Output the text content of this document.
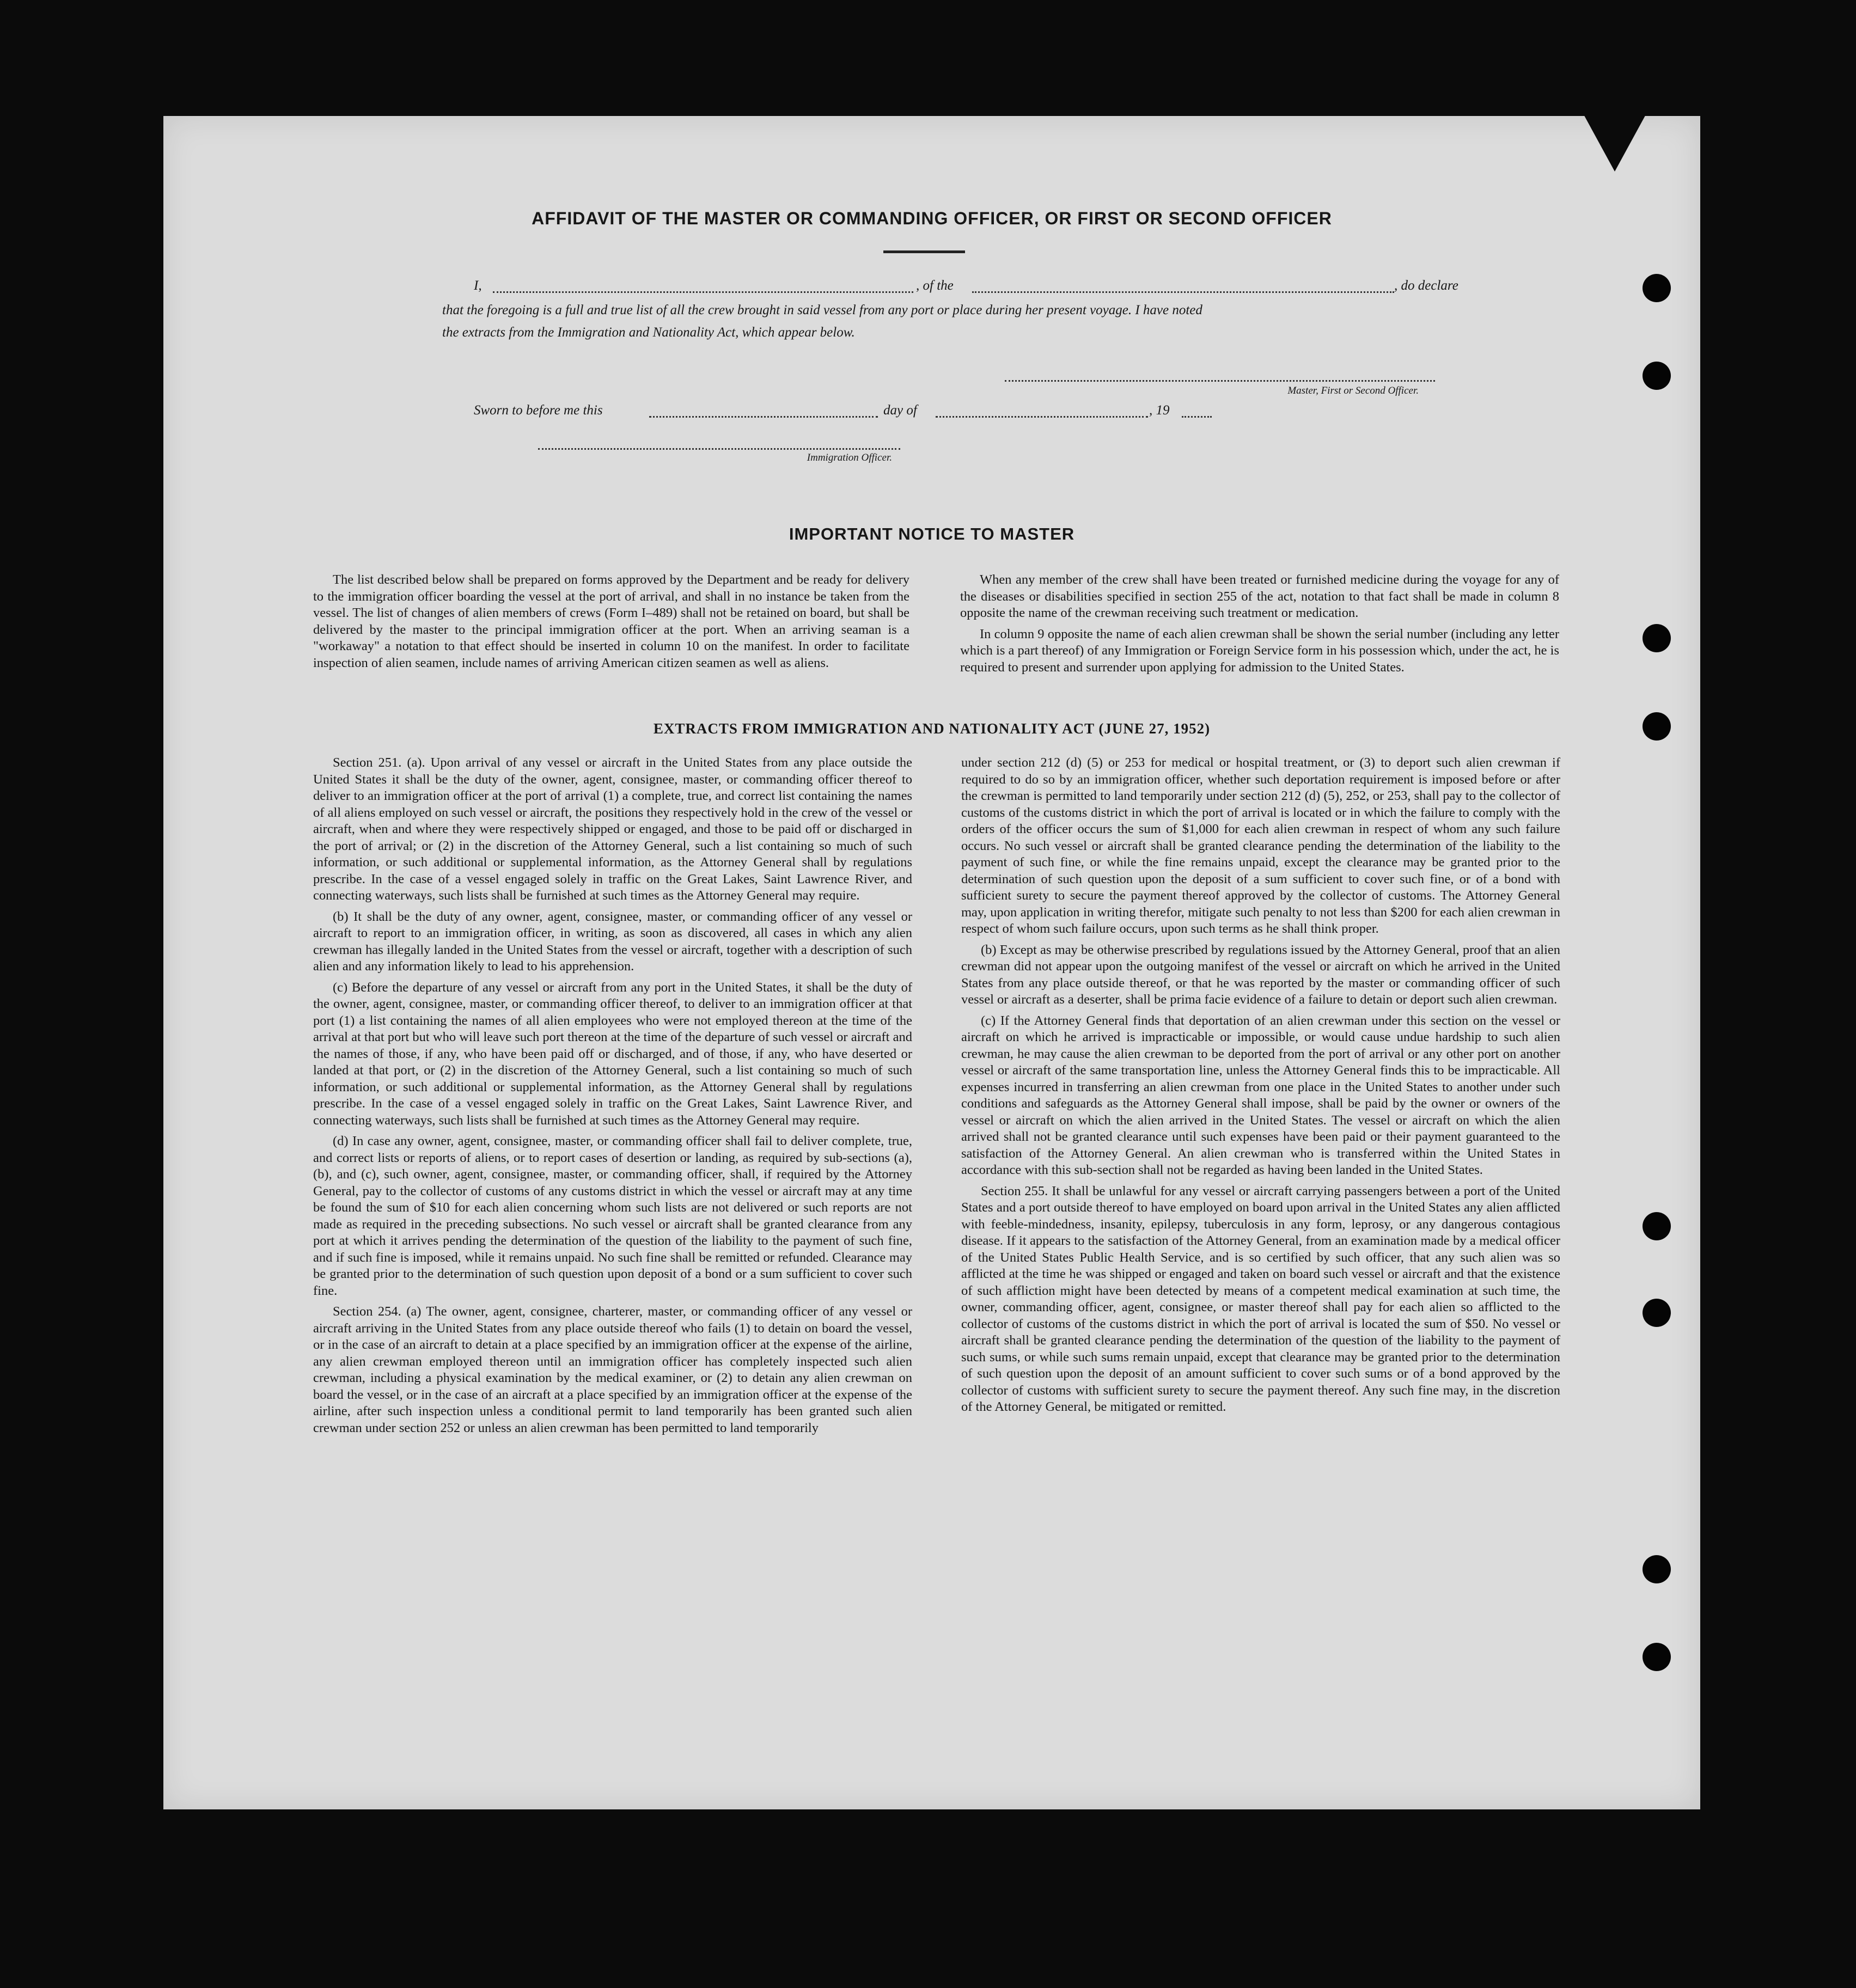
AFFIDAVIT OF THE MASTER OR COMMANDING OFFICER, OR FIRST OR SECOND OFFICER
I,	, of the	, do declare
that the foregoing is a full and true list of all the crew brought in said vessel from any port or place during her present voyage. I have noted
the extracts from the Immigration and Nationality Act, which appear below.
Master, First or Second Officer.
Sworn to before me this	day of	, 19
Immigration Officer.
IMPORTANT NOTICE TO MASTER

The list described below shall be prepared on forms approved by the Department and be ready for delivery to the immigration officer boarding the vessel at the port of arrival, and shall in no instance be taken from the vessel. The list of changes of alien members of crews (Form I–489) shall not be retained on board, but shall be delivered by the master to the principal immigration officer at the port. When an arriving seaman is a "workaway" a notation to that effect should be inserted in column 10 on the manifest. In order to facilitate inspection of alien seamen, include names of arriving American citizen seamen as well as aliens.

When any member of the crew shall have been treated or furnished medicine during the voyage for any of the diseases or disabilities specified in section 255 of the act, notation to that fact shall be made in column 8 opposite the name of the crewman receiving such treatment or medication.

In column 9 opposite the name of each alien crewman shall be shown the serial number (including any letter which is a part thereof) of any Immigration or Foreign Service form in his possession which, under the act, he is required to present and surrender upon applying for admission to the United States.

EXTRACTS FROM IMMIGRATION AND NATIONALITY ACT (JUNE 27, 1952)

Section 251. (a). Upon arrival of any vessel or aircraft in the United States from any place outside the United States it shall be the duty of the owner, agent, consignee, master, or commanding officer thereof to deliver to an immigration officer at the port of arrival (1) a complete, true, and correct list containing the names of all aliens employed on such vessel or aircraft, the positions they respectively hold in the crew of the vessel or aircraft, when and where they were respectively shipped or engaged, and those to be paid off or discharged in the port of arrival; or (2) in the discretion of the Attorney General, such a list containing so much of such information, or such additional or supplemental information, as the Attorney General shall by regulations prescribe. In the case of a vessel engaged solely in traffic on the Great Lakes, Saint Lawrence River, and connecting waterways, such lists shall be furnished at such times as the Attorney General may require.

(b) It shall be the duty of any owner, agent, consignee, master, or commanding officer of any vessel or aircraft to report to an immigration officer, in writing, as soon as discovered, all cases in which any alien crewman has illegally landed in the United States from the vessel or aircraft, together with a description of such alien and any information likely to lead to his apprehension.

(c) Before the departure of any vessel or aircraft from any port in the United States, it shall be the duty of the owner, agent, consignee, master, or commanding officer thereof, to deliver to an immigration officer at that port (1) a list containing the names of all alien employees who were not employed thereon at the time of the arrival at that port but who will leave such port thereon at the time of the departure of such vessel or aircraft and the names of those, if any, who have been paid off or discharged, and of those, if any, who have deserted or landed at that port, or (2) in the discretion of the Attorney General, such a list containing so much of such information, or such additional or supplemental information, as the Attorney General shall by regulations prescribe. In the case of a vessel engaged solely in traffic on the Great Lakes, Saint Lawrence River, and connecting waterways, such lists shall be furnished at such times as the Attorney General may require.

(d) In case any owner, agent, consignee, master, or commanding officer shall fail to deliver complete, true, and correct lists or reports of aliens, or to report cases of desertion or landing, as required by sub-sections (a), (b), and (c), such owner, agent, consignee, master, or commanding officer, shall, if required by the Attorney General, pay to the collector of customs of any customs district in which the vessel or aircraft may at any time be found the sum of $10 for each alien concerning whom such lists are not delivered or such reports are not made as required in the preceding subsections. No such vessel or aircraft shall be granted clearance from any port at which it arrives pending the determination of the question of the liability to the payment of such fine, and if such fine is imposed, while it remains unpaid. No such fine shall be remitted or refunded. Clearance may be granted prior to the determination of such question upon deposit of a bond or a sum sufficient to cover such fine.

Section 254. (a) The owner, agent, consignee, charterer, master, or commanding officer of any vessel or aircraft arriving in the United States from any place outside thereof who fails (1) to detain on board the vessel, or in the case of an aircraft to detain at a place specified by an immigration officer at the expense of the airline, any alien crewman employed thereon until an immigration officer has completely inspected such alien crewman, including a physical examination by the medical examiner, or (2) to detain any alien crewman on board the vessel, or in the case of an aircraft at a place specified by an immigration officer at the expense of the airline, after such inspection unless a conditional permit to land temporarily has been granted such alien crewman under section 252 or unless an alien crewman has been permitted to land temporarily

under section 212 (d) (5) or 253 for medical or hospital treatment, or (3) to deport such alien crewman if required to do so by an immigration officer, whether such deportation requirement is imposed before or after the crewman is permitted to land temporarily under section 212 (d) (5), 252, or 253, shall pay to the collector of customs of the customs district in which the port of arrival is located or in which the failure to comply with the orders of the officer occurs the sum of $1,000 for each alien crewman in respect of whom any such failure occurs. No such vessel or aircraft shall be granted clearance pending the determination of the liability to the payment of such fine, or while the fine remains unpaid, except the clearance may be granted prior to the determination of such question upon the deposit of a sum sufficient to cover such fine, or of a bond with sufficient surety to secure the payment thereof approved by the collector of customs. The Attorney General may, upon application in writing therefor, mitigate such penalty to not less than $200 for each alien crewman in respect of whom such failure occurs, upon such terms as he shall think proper.

(b) Except as may be otherwise prescribed by regulations issued by the Attorney General, proof that an alien crewman did not appear upon the outgoing manifest of the vessel or aircraft on which he arrived in the United States from any place outside thereof, or that he was reported by the master or commanding officer of such vessel or aircraft as a deserter, shall be prima facie evidence of a failure to detain or deport such alien crewman.

(c) If the Attorney General finds that deportation of an alien crewman under this section on the vessel or aircraft on which he arrived is impracticable or impossible, or would cause undue hardship to such alien crewman, he may cause the alien crewman to be deported from the port of arrival or any other port on another vessel or aircraft of the same transportation line, unless the Attorney General finds this to be impracticable. All expenses incurred in transferring an alien crewman from one place in the United States to another under such conditions and safeguards as the Attorney General shall impose, shall be paid by the owner or owners of the vessel or aircraft on which the alien arrived in the United States. The vessel or aircraft on which the alien arrived shall not be granted clearance until such expenses have been paid or their payment guaranteed to the satisfaction of the Attorney General. An alien crewman who is transferred within the United States in accordance with this sub-section shall not be regarded as having been landed in the United States.

Section 255. It shall be unlawful for any vessel or aircraft carrying passengers between a port of the United States and a port outside thereof to have employed on board upon arrival in the United States any alien afflicted with feeble-mindedness, insanity, epilepsy, tuberculosis in any form, leprosy, or any dangerous contagious disease. If it appears to the satisfaction of the Attorney General, from an examination made by a medical officer of the United States Public Health Service, and is so certified by such officer, that any such alien was so afflicted at the time he was shipped or engaged and taken on board such vessel or aircraft and that the existence of such affliction might have been detected by means of a competent medical examination at such time, the owner, commanding officer, agent, consignee, or master thereof shall pay for each alien so afflicted to the collector of customs of the customs district in which the port of arrival is located the sum of $50. No vessel or aircraft shall be granted clearance pending the determination of the question of the liability to the payment of such sums, or while such sums remain unpaid, except that clearance may be granted prior to the determination of such question upon the deposit of an amount sufficient to cover such sums or of a bond approved by the collector of customs with sufficient surety to secure the payment thereof. Any such fine may, in the discretion of the Attorney General, be mitigated or remitted.
